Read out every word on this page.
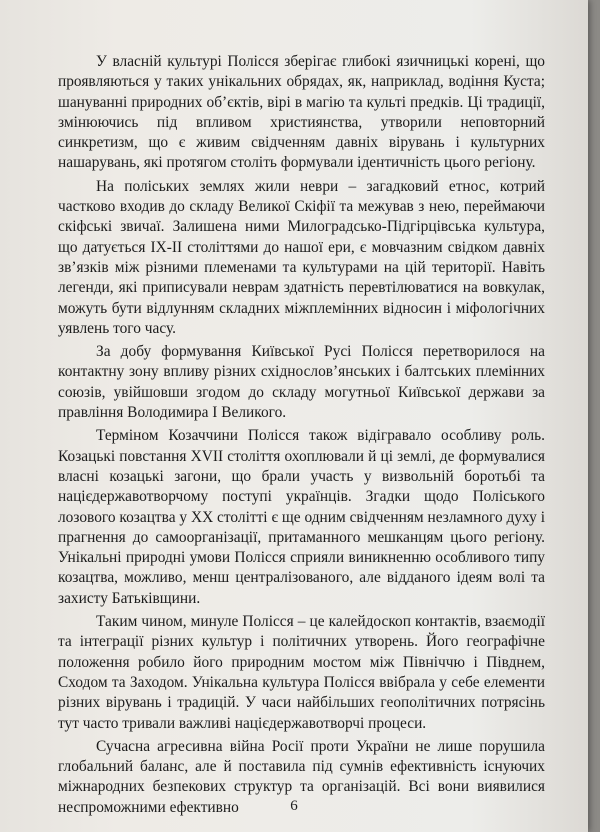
У власній культурі Полісся зберігає глибокі язичницькі корені, що проявляються у таких унікальних обрядах, як, наприклад, водіння Куста; шануванні природних об’єктів, вірі в магію та культі предків. Ці традиції, змінюючись під впливом християнства, утворили неповторний синкретизм, що є живим свідченням давніх вірувань і культурних нашарувань, які протягом століть формували ідентичність цього регіону.

На поліських землях жили неври – загадковий етнос, котрий частково входив до складу Великої Скіфії та межував з нею, переймаючи скіфські звичаї. Залишена ними Милоградсько-Підгірцівська культура, що датується IX-II століттями до нашої ери, є мовчазним свідком давніх зв’язків між різними племенами та культурами на цій території. Навіть легенди, які приписували неврам здатність перевтілюватися на вовкулак, можуть бути відлунням складних міжплемінних відносин і міфологічних уявлень того часу.

За добу формування Київської Русі Полісся перетворилося на контактну зону впливу різних східнослов’янських і балтських племінних союзів, увійшовши згодом до складу могутньої Київської держави за правління Володимира І Великого.

Терміном Козаччини Полісся також відігравало особливу роль. Козацькі повстання XVII століття охоплювали й ці землі, де формувалися власні козацькі загони, що брали участь у визвольній боротьбі та націєдержавотворчому поступі українців. Згадки щодо Поліського лозового козацтва у XX столітті є ще одним свідченням незламного духу і прагнення до самоорганізації, притаманного мешканцям цього регіону. Унікальні природні умови Полісся сприяли виникненню особливого типу козацтва, можливо, менш централізованого, але відданого ідеям волі та захисту Батьківщини.

Таким чином, минуле Полісся – це калейдоскоп контактів, взаємодії та інтеграції різних культур і політичних утворень. Його географічне положення робило його природним мостом між Північчю і Півднем, Сходом та Заходом. Унікальна культура Полісся ввібрала у себе елементи різних вірувань і традицій. У часи найбільших геополітичних потрясінь тут часто тривали важливі націєдержавотворчі процеси.

Сучасна агресивна війна Росії проти України не лише порушила глобальний баланс, але й поставила під сумнів ефективність існуючих міжнародних безпекових структур та організацій. Всі вони виявилися неспроможними ефективно	6
